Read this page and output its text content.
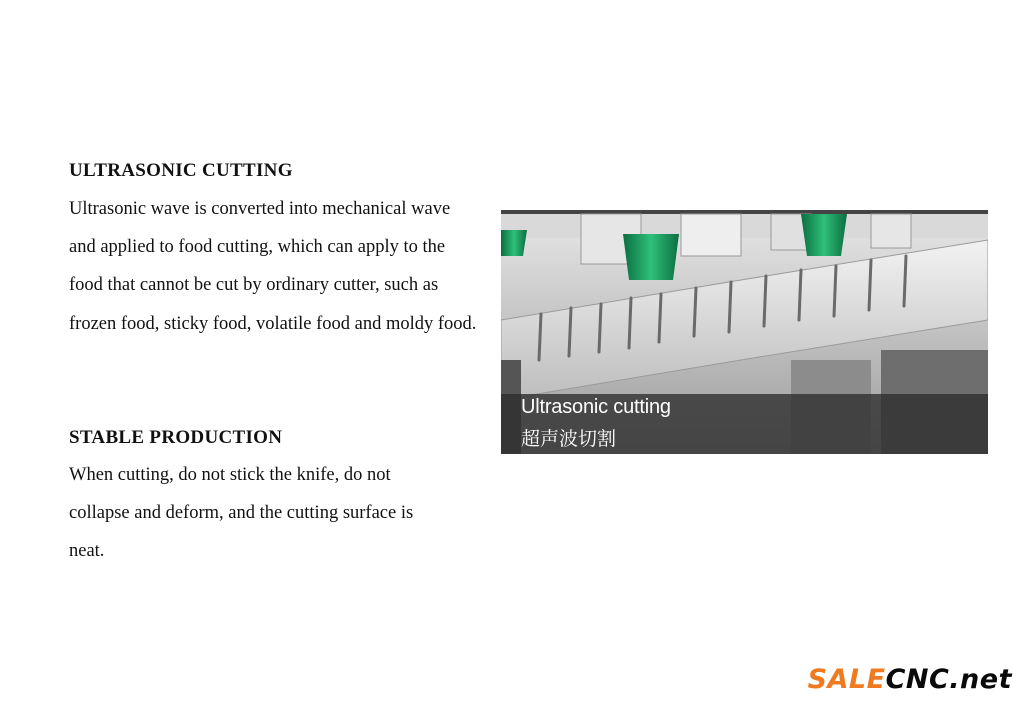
ULTRASONIC CUTTING

Ultrasonic wave is converted into mechanical wave and applied to food cutting, which can apply to the food that cannot be cut by ordinary cutter, such as frozen food, sticky food, volatile food and moldy food.

STABLE PRODUCTION

When cutting, do not stick the knife, do not collapse and deform, and the cutting surface is neat.

Ultrasonic cutting
超声波切割
SALECNC.net
